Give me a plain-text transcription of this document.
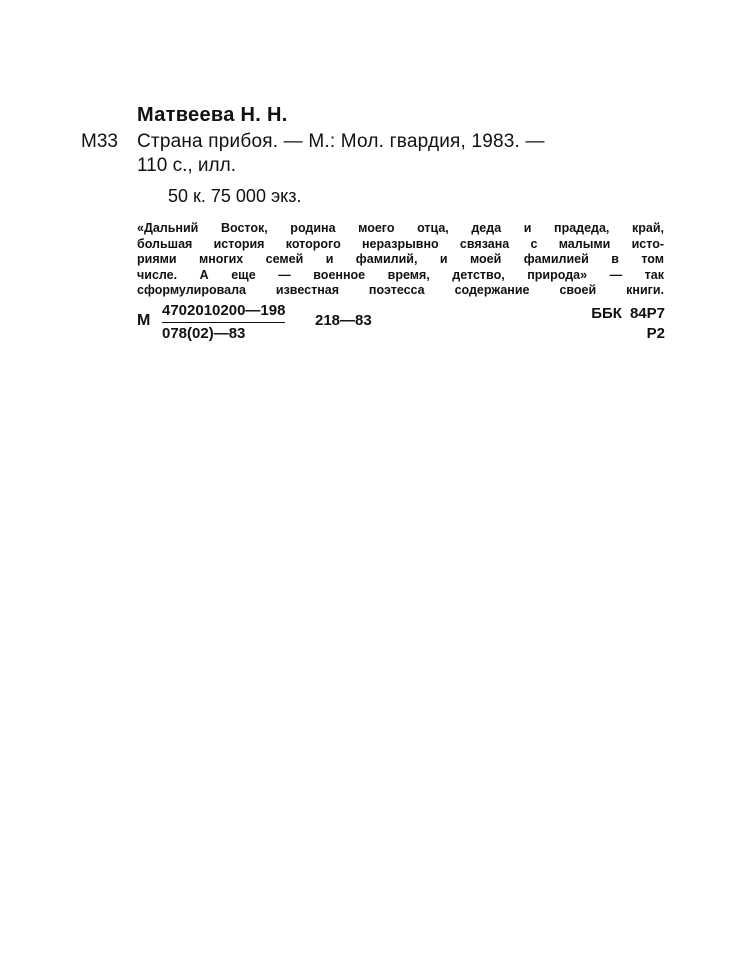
Матвеева Н. Н.
М33 Страна прибоя. — М.: Мол. гвардия, 1983. —
110 с., илл.
50 к. 75 000 экз.
«Дальний Восток, родина моего отца, деда и прадеда, край,
большая история которого неразрывно связана с малыми исто-
риями многих семей и фамилий, и моей фамилией в том
числе. А еще — военное время, детство, природа» — так
сформулировала известная поэтесса содержание своей книги.
М $\frac{4702010200—198}{078(02)—83}$ 218—83	ББК 84Р7
Р2
